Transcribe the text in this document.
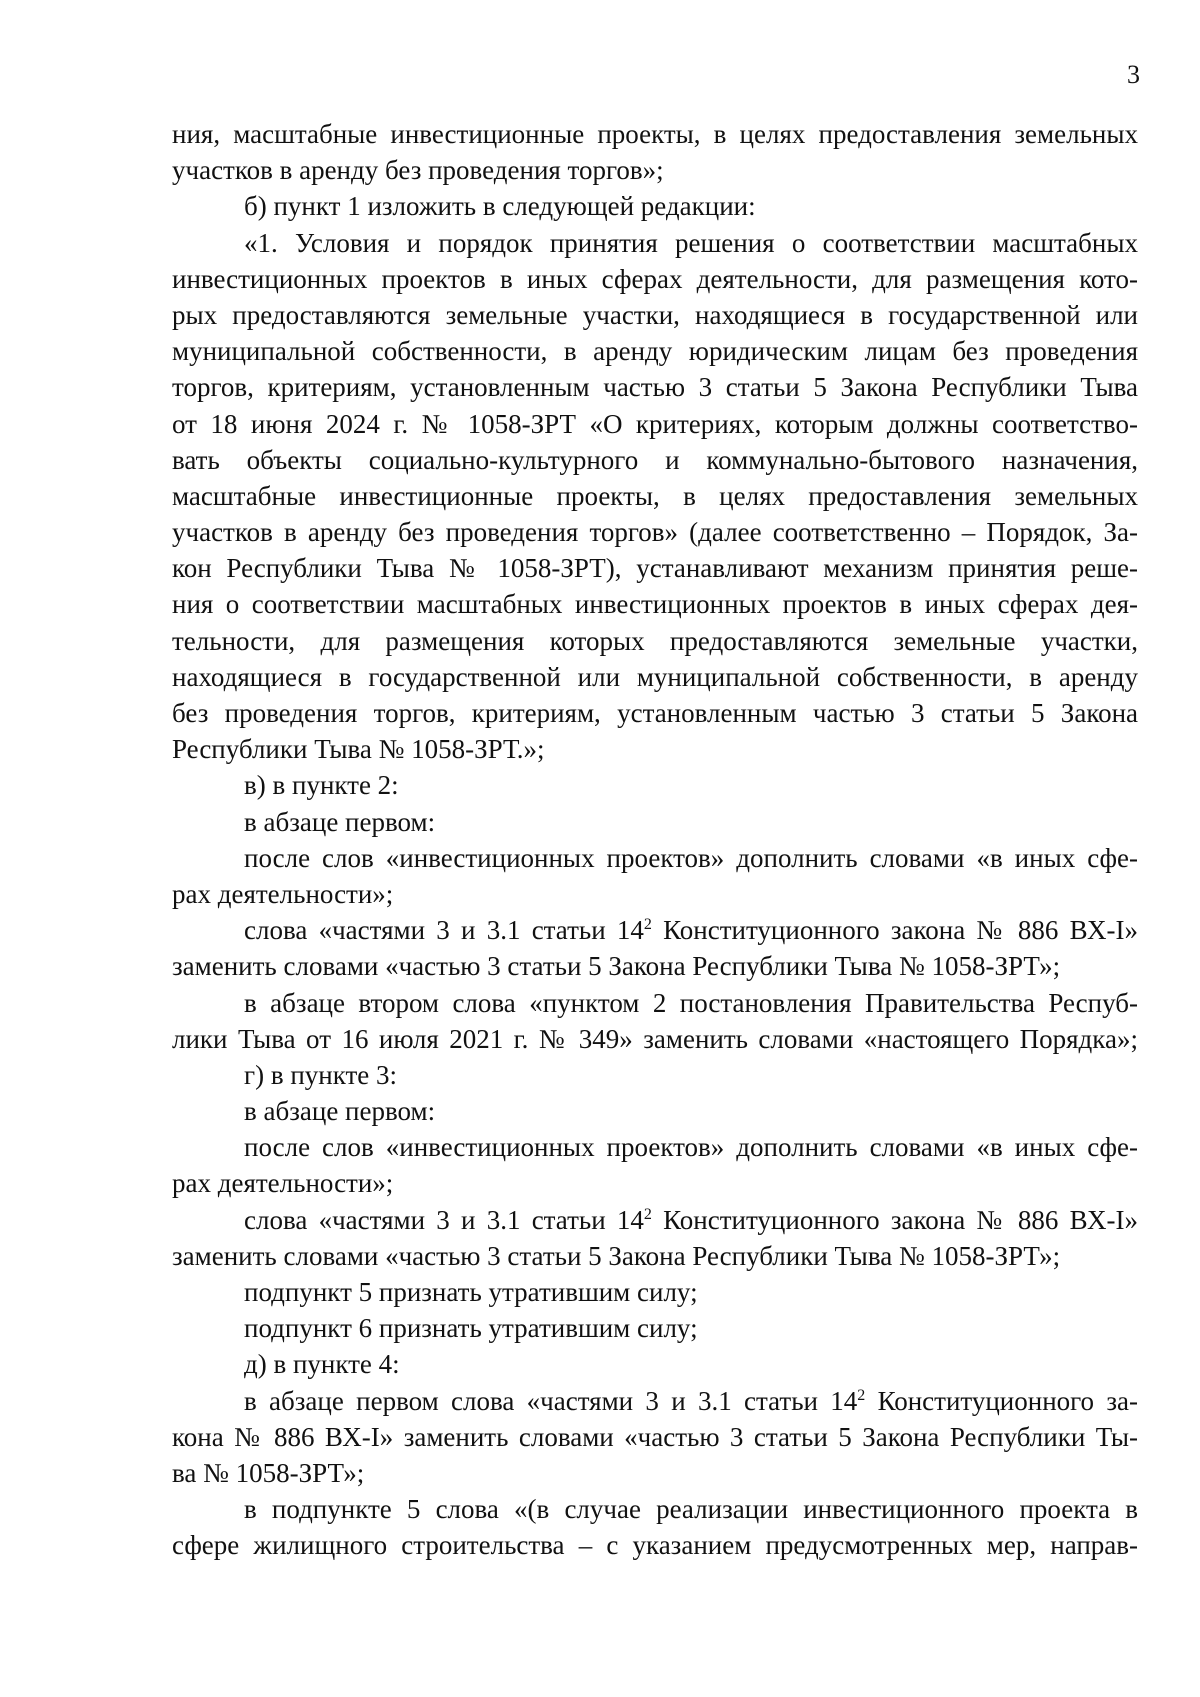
3
ния, масштабные инвестиционные проекты, в целях предоставления земельных
участков в аренду без проведения торгов»;
б) пункт 1 изложить в следующей редакции:
«1. Условия и порядок принятия решения о соответствии масштабных
инвестиционных проектов в иных сферах деятельности, для размещения кото-
рых предоставляются земельные участки, находящиеся в государственной или
муниципальной собственности, в аренду юридическим лицам без проведения
торгов, критериям, установленным частью 3 статьи 5 Закона Республики Тыва
от 18 июня 2024 г. № 1058-ЗРТ «О критериях, которым должны соответство-
вать объекты социально-культурного и коммунально-бытового назначения,
масштабные инвестиционные проекты, в целях предоставления земельных
участков в аренду без проведения торгов» (далее соответственно – Порядок, За-
кон Республики Тыва № 1058-ЗРТ), устанавливают механизм принятия реше-
ния о соответствии масштабных инвестиционных проектов в иных сферах дея-
тельности, для размещения которых предоставляются земельные участки,
находящиеся в государственной или муниципальной собственности, в аренду
без проведения торгов, критериям, установленным частью 3 статьи 5 Закона
Республики Тыва № 1058-ЗРТ.»;
в) в пункте 2:
в абзаце первом:
после слов «инвестиционных проектов» дополнить словами «в иных сфе-
рах деятельности»;
слова «частями 3 и 3.1 статьи $14^2$ Конституционного закона № 886 ВХ-I»
заменить словами «частью 3 статьи 5 Закона Республики Тыва № 1058-ЗРТ»;
в абзаце втором слова «пунктом 2 постановления Правительства Респуб-
лики Тыва от 16 июля 2021 г. № 349» заменить словами «настоящего Порядка»;
г) в пункте 3:
в абзаце первом:
после слов «инвестиционных проектов» дополнить словами «в иных сфе-
рах деятельности»;
слова «частями 3 и 3.1 статьи $14^2$ Конституционного закона № 886 ВХ-I»
заменить словами «частью 3 статьи 5 Закона Республики Тыва № 1058-ЗРТ»;
подпункт 5 признать утратившим силу;
подпункт 6 признать утратившим силу;
д) в пункте 4:
в абзаце первом слова «частями 3 и 3.1 статьи $14^2$ Конституционного за-
кона № 886 ВХ-I» заменить словами «частью 3 статьи 5 Закона Республики Ты-
ва № 1058-ЗРТ»;
в подпункте 5 слова «(в случае реализации инвестиционного проекта в
сфере жилищного строительства – с указанием предусмотренных мер, направ-
